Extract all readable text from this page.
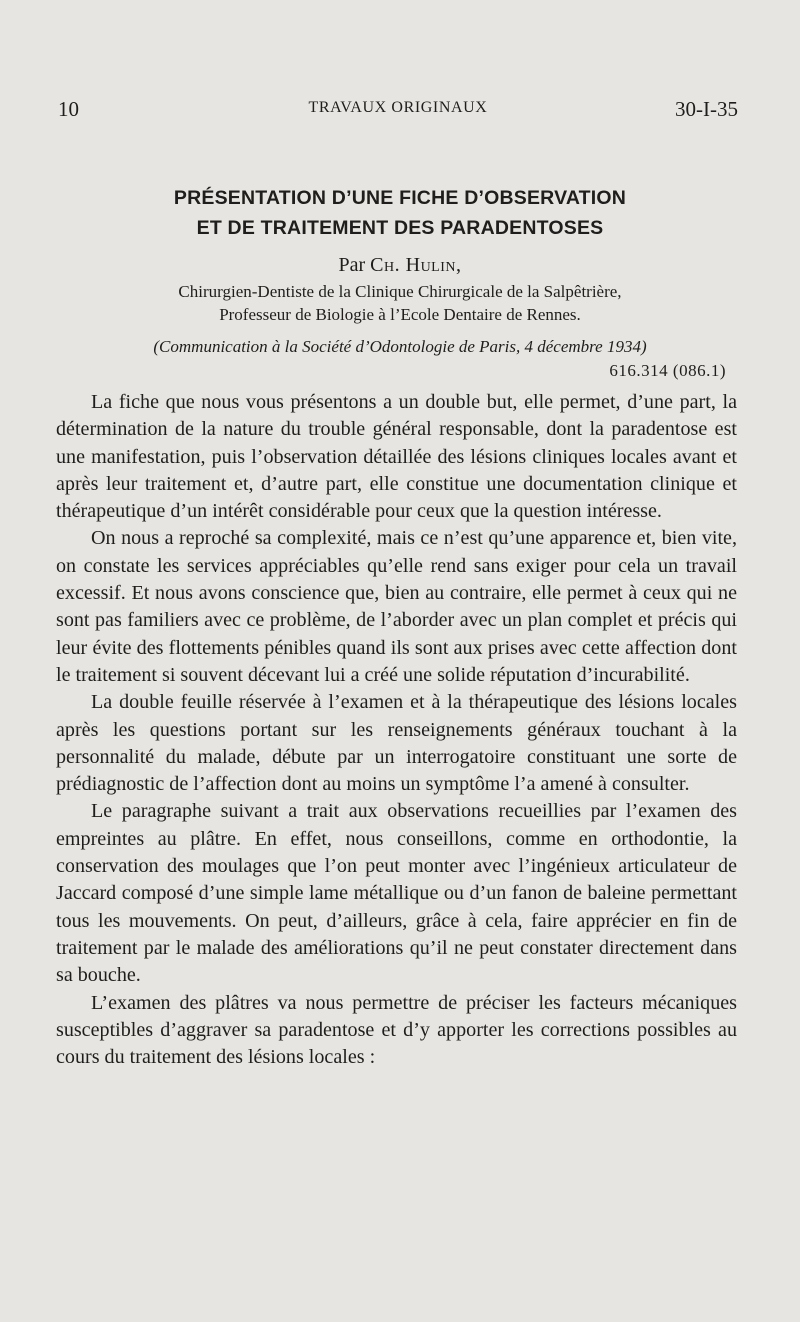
10	TRAVAUX ORIGINAUX	30-I-35
PRÉSENTATION D’UNE FICHE D’OBSERVATION
ET DE TRAITEMENT DES PARADENTOSES
Par Ch. Hulin,
Chirurgien-Dentiste de la Clinique Chirurgicale de la Salpêtrière,
Professeur de Biologie à l’Ecole Dentaire de Rennes.
(Communication à la Société d’Odontologie de Paris, 4 décembre 1934)
616.314 (086.1)

La fiche que nous vous présentons a un double but, elle permet, d’une part, la détermination de la nature du trouble général responsable, dont la paradentose est une manifestation, puis l’observation détaillée des lésions cliniques locales avant et après leur traitement et, d’autre part, elle constitue une documentation clinique et thérapeutique d’un intérêt considérable pour ceux que la question intéresse.

On nous a reproché sa complexité, mais ce n’est qu’une apparence et, bien vite, on constate les services appréciables qu’elle rend sans exiger pour cela un travail excessif. Et nous avons conscience que, bien au contraire, elle permet à ceux qui ne sont pas familiers avec ce problème, de l’aborder avec un plan complet et précis qui leur évite des flottements pénibles quand ils sont aux prises avec cette affection dont le traitement si souvent décevant lui a créé une solide réputation d’incurabilité.

La double feuille réservée à l’examen et à la thérapeutique des lésions locales après les questions portant sur les renseignements généraux touchant à la personnalité du malade, débute par un interrogatoire constituant une sorte de prédiagnostic de l’affection dont au moins un symptôme l’a amené à consulter.

Le paragraphe suivant a trait aux observations recueillies par l’examen des empreintes au plâtre. En effet, nous conseillons, comme en orthodontie, la conservation des moulages que l’on peut monter avec l’ingénieux articulateur de Jaccard composé d’une simple lame métallique ou d’un fanon de baleine permettant tous les mouvements. On peut, d’ailleurs, grâce à cela, faire apprécier en fin de traitement par le malade des améliorations qu’il ne peut constater directement dans sa bouche.

L’examen des plâtres va nous permettre de préciser les facteurs mécaniques susceptibles d’aggraver sa paradentose et d’y apporter les corrections possibles au cours du traitement des lésions locales :
